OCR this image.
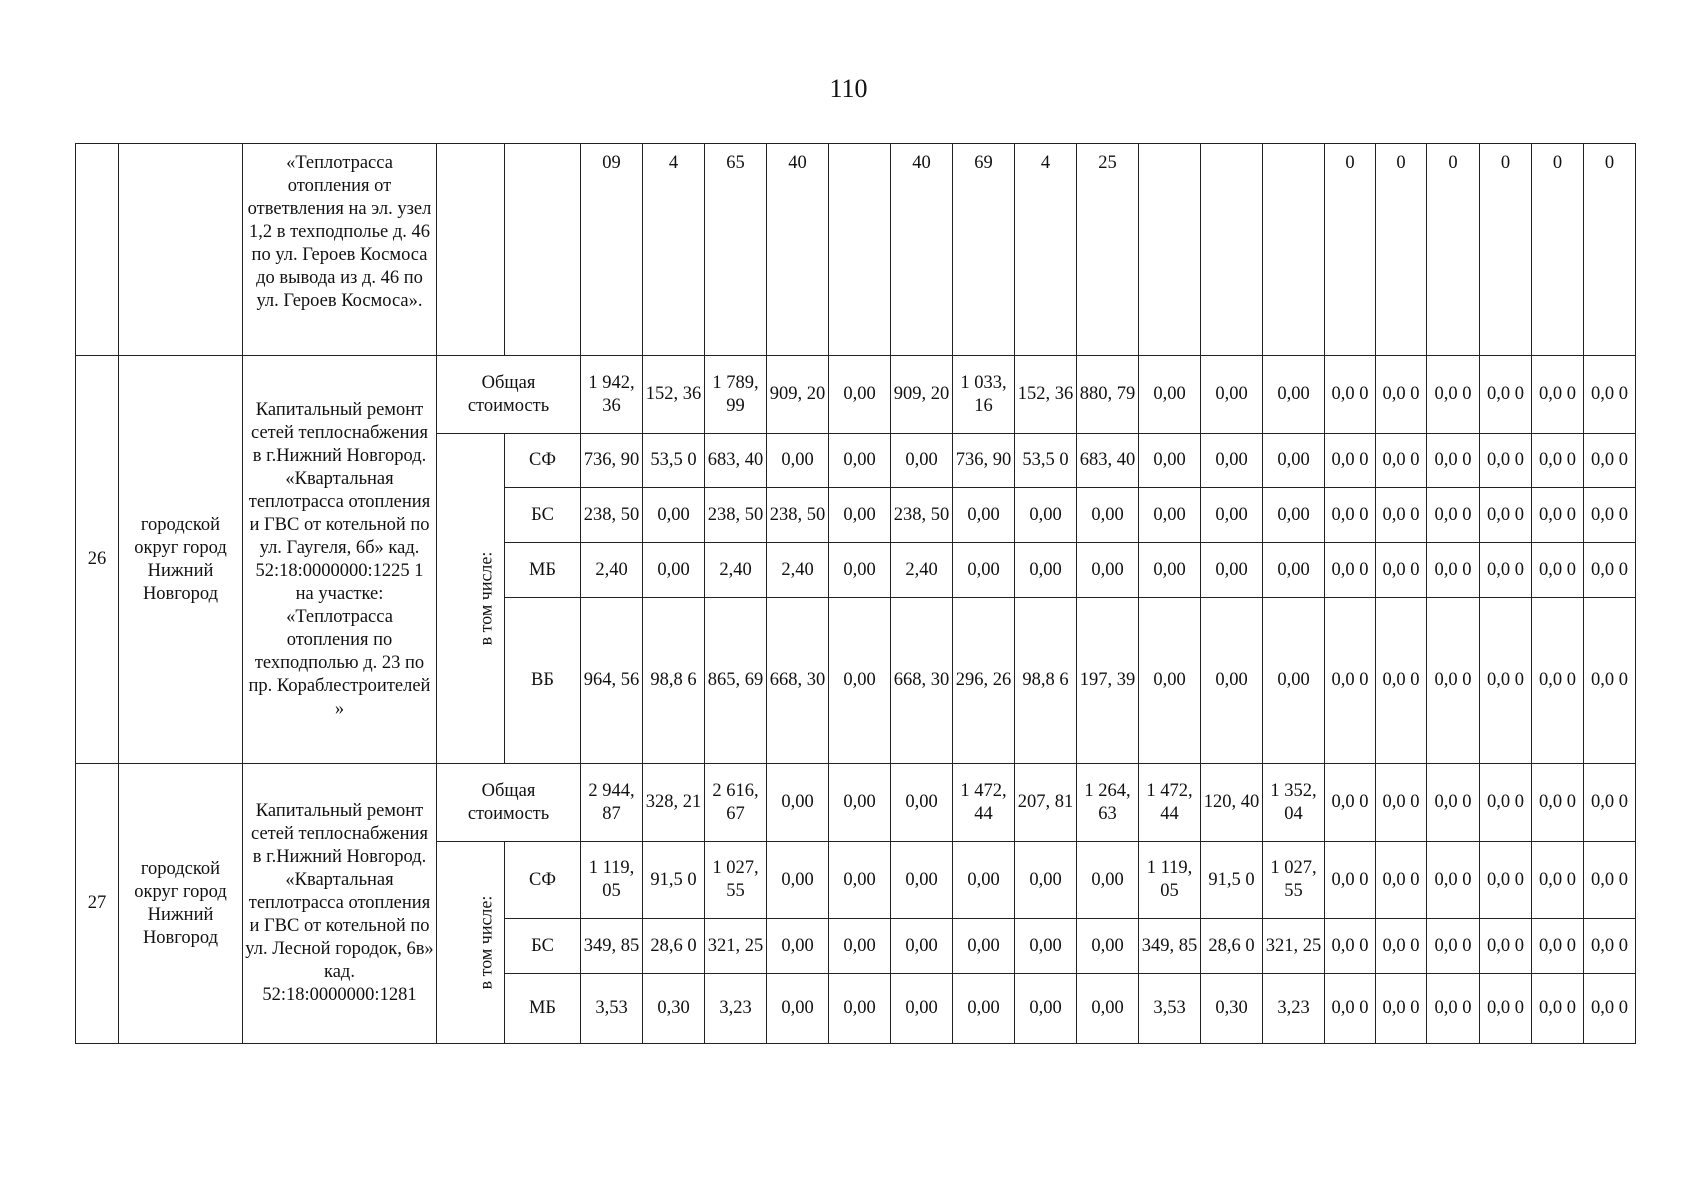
110
		«Теплотрасса отопления от ответвления на эл. узел 1,2 в техподполье д. 46 по ул. Героев Космоса до вывода из д. 46 по ул. Героев Космоса».			09	4	65	40		40	69	4	25				0	0	0	0	0	0
26	городской округ город Нижний Новгород	Капитальный ремонт сетей теплоснабжения в г.Нижний Новгород. «Квартальная теплотрасса отопления и ГВС от котельной по ул. Гаугеля, 6б» кад. 52:18:0000000:1225 1 на участке: «Теплотрасса отопления по техподполью д. 23 по пр. Кораблестроителей »	Общая стоимость		1 942, 36	152, 36	1 789, 99	909, 20	0,00	909, 20	1 033, 16	152, 36	880, 79	0,00	0,00	0,00	0,0 0	0,0 0	0,0 0	0,0 0	0,0 0	0,0 0
			в том числе:	СФ	736, 90	53,5 0	683, 40	0,00	0,00	0,00	736, 90	53,5 0	683, 40	0,00	0,00	0,00	0,0 0	0,0 0	0,0 0	0,0 0	0,0 0	0,0 0
				БС	238, 50	0,00	238, 50	238, 50	0,00	238, 50	0,00	0,00	0,00	0,00	0,00	0,00	0,0 0	0,0 0	0,0 0	0,0 0	0,0 0	0,0 0
				МБ	2,40	0,00	2,40	2,40	0,00	2,40	0,00	0,00	0,00	0,00	0,00	0,00	0,0 0	0,0 0	0,0 0	0,0 0	0,0 0	0,0 0
				ВБ	964, 56	98,8 6	865, 69	668, 30	0,00	668, 30	296, 26	98,8 6	197, 39	0,00	0,00	0,00	0,0 0	0,0 0	0,0 0	0,0 0	0,0 0	0,0 0
27	городской округ город Нижний Новгород	Капитальный ремонт сетей теплоснабжения в г.Нижний Новгород. «Квартальная теплотрасса отопления и ГВС от котельной по ул. Лесной городок, 6в» кад. 52:18:0000000:1281	Общая стоимость		2 944, 87	328, 21	2 616, 67	0,00	0,00	0,00	1 472, 44	207, 81	1 264, 63	1 472, 44	120, 40	1 352, 04	0,0 0	0,0 0	0,0 0	0,0 0	0,0 0	0,0 0
			в том числе:	СФ	1 119, 05	91,5 0	1 027, 55	0,00	0,00	0,00	0,00	0,00	0,00	1 119, 05	91,5 0	1 027, 55	0,0 0	0,0 0	0,0 0	0,0 0	0,0 0	0,0 0
				БС	349, 85	28,6 0	321, 25	0,00	0,00	0,00	0,00	0,00	0,00	349, 85	28,6 0	321, 25	0,0 0	0,0 0	0,0 0	0,0 0	0,0 0	0,0 0
				МБ	3,53	0,30	3,23	0,00	0,00	0,00	0,00	0,00	0,00	3,53	0,30	3,23	0,0 0	0,0 0	0,0 0	0,0 0	0,0 0	0,0 0
